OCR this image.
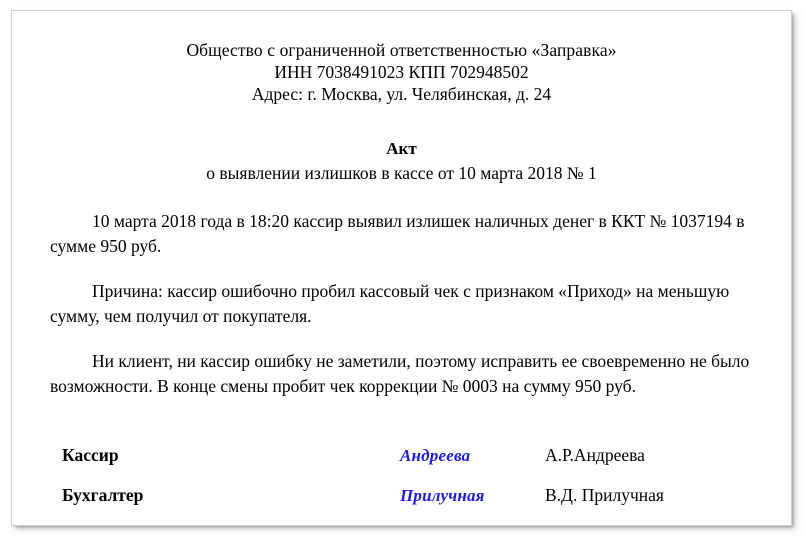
Общество с ограниченной ответственностью «Заправка»
ИНН 7038491023 КПП 702948502
Адрес: г. Москва, ул. Челябинская, д. 24
Акт
о выявлении излишков в кассе от 10 марта 2018 № 1

10 марта 2018 года в 18:20 кассир выявил излишек наличных денег в ККТ № 1037194 в сумме 950 руб.

Причина: кассир ошибочно пробил кассовый чек с признаком «Приход» на меньшую сумму, чем получил от покупателя.

Ни клиент, ни кассир ошибку не заметили, поэтому исправить ее своевременно не было возможности. В конце смены пробит чек коррекции № 0003 на сумму 950 руб.

Кассир	Андреева	А.Р.Андреева
Бухгалтер	Прилучная	В.Д. Прилучная
